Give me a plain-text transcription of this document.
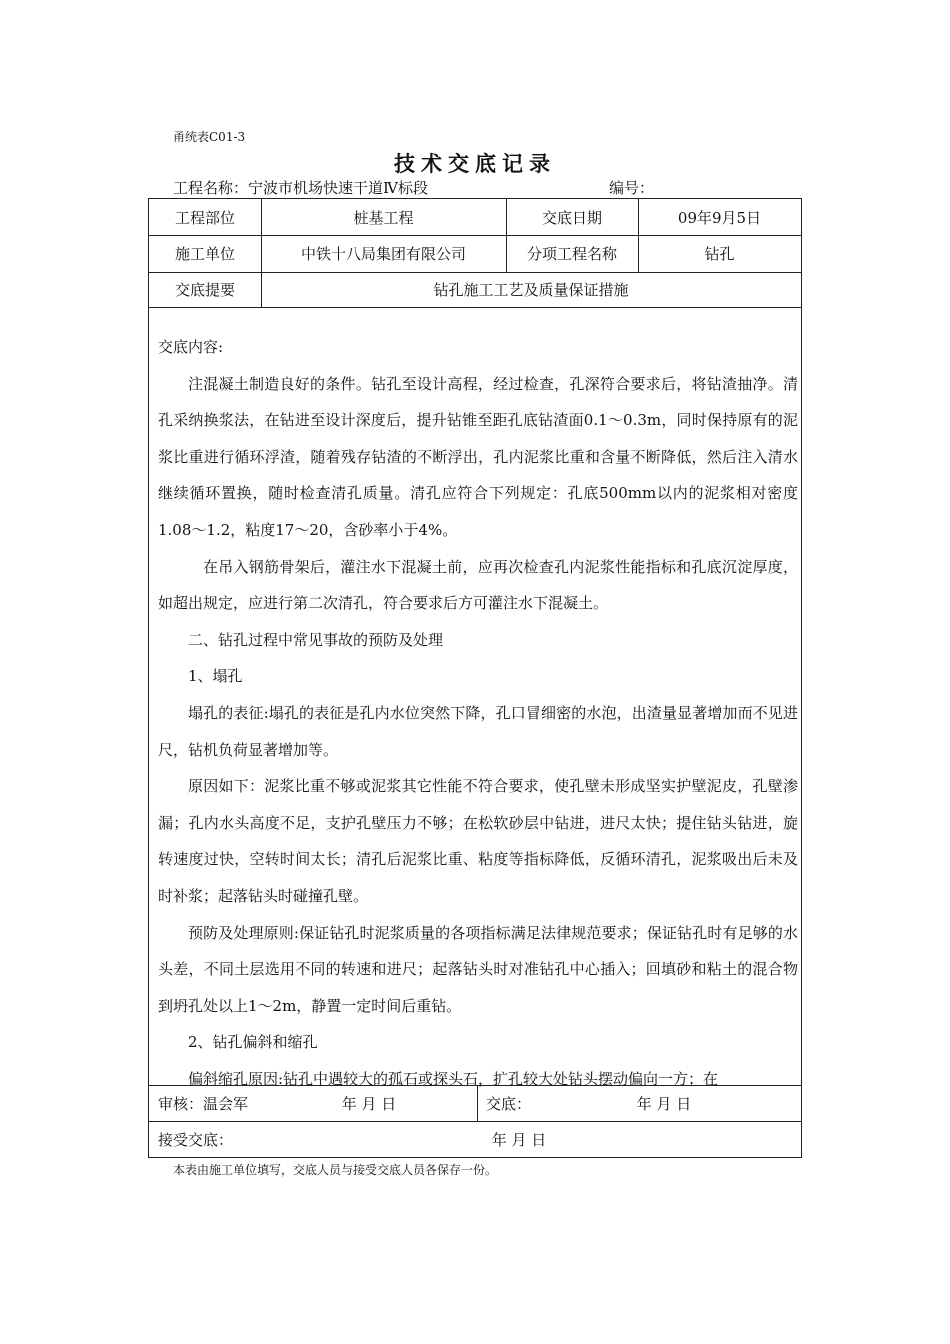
甬统表C01-3
技术交底记录
工程名称：宁波市机场快速干道Ⅳ标段	编号：
工程部位	桩基工程	交底日期	09年9月5日
施工单位	中铁十八局集团有限公司	分项工程名称	钻孔
交底提要	钻孔施工工艺及质量保证措施

交底内容:

注混凝土制造良好的条件。钻孔至设计高程，经过检查，孔深符合要求后，将钻渣抽净。清孔采纳换浆法，在钻进至设计深度后，提升钻锥至距孔底钻渣面0.1～0.3m，同时保持原有的泥浆比重进行循环浮渣，随着残存钻渣的不断浮出，孔内泥浆比重和含量不断降低，然后注入清水继续循环置换，随时检查清孔质量。清孔应符合下列规定：孔底500mm以内的泥浆相对密度1.08～1.2，粘度17～20，含砂率小于4%。

在吊入钢筋骨架后，灌注水下混凝土前，应再次检查孔内泥浆性能指标和孔底沉淀厚度，如超出规定，应进行第二次清孔，符合要求后方可灌注水下混凝土。

二、钻孔过程中常见事故的预防及处理

1、塌孔

塌孔的表征:塌孔的表征是孔内水位突然下降，孔口冒细密的水泡，出渣量显著增加而不见进尺，钻机负荷显著增加等。

原因如下：泥浆比重不够或泥浆其它性能不符合要求，使孔壁未形成坚实护壁泥皮，孔壁渗漏；孔内水头高度不足，支护孔壁压力不够；在松软砂层中钻进，进尺太快；提住钻头钻进，旋转速度过快，空转时间太长；清孔后泥浆比重、粘度等指标降低，反循环清孔，泥浆吸出后未及时补浆；起落钻头时碰撞孔壁。

预防及处理原则:保证钻孔时泥浆质量的各项指标满足法律规范要求；保证钻孔时有足够的水头差，不同土层选用不同的转速和进尺；起落钻头时对准钻孔中心插入；回填砂和粘土的混合物到坍孔处以上1～2m，静置一定时间后重钻。

2、钻孔偏斜和缩孔

偏斜缩孔原因:钻孔中遇较大的孤石或探头石，扩孔较大处钻头摆动偏向一方；在

审核：温会军	年 月 日	交底：	年 月 日
接受交底：	年 月 日
本表由施工单位填写，交底人员与接受交底人员各保存一份。
